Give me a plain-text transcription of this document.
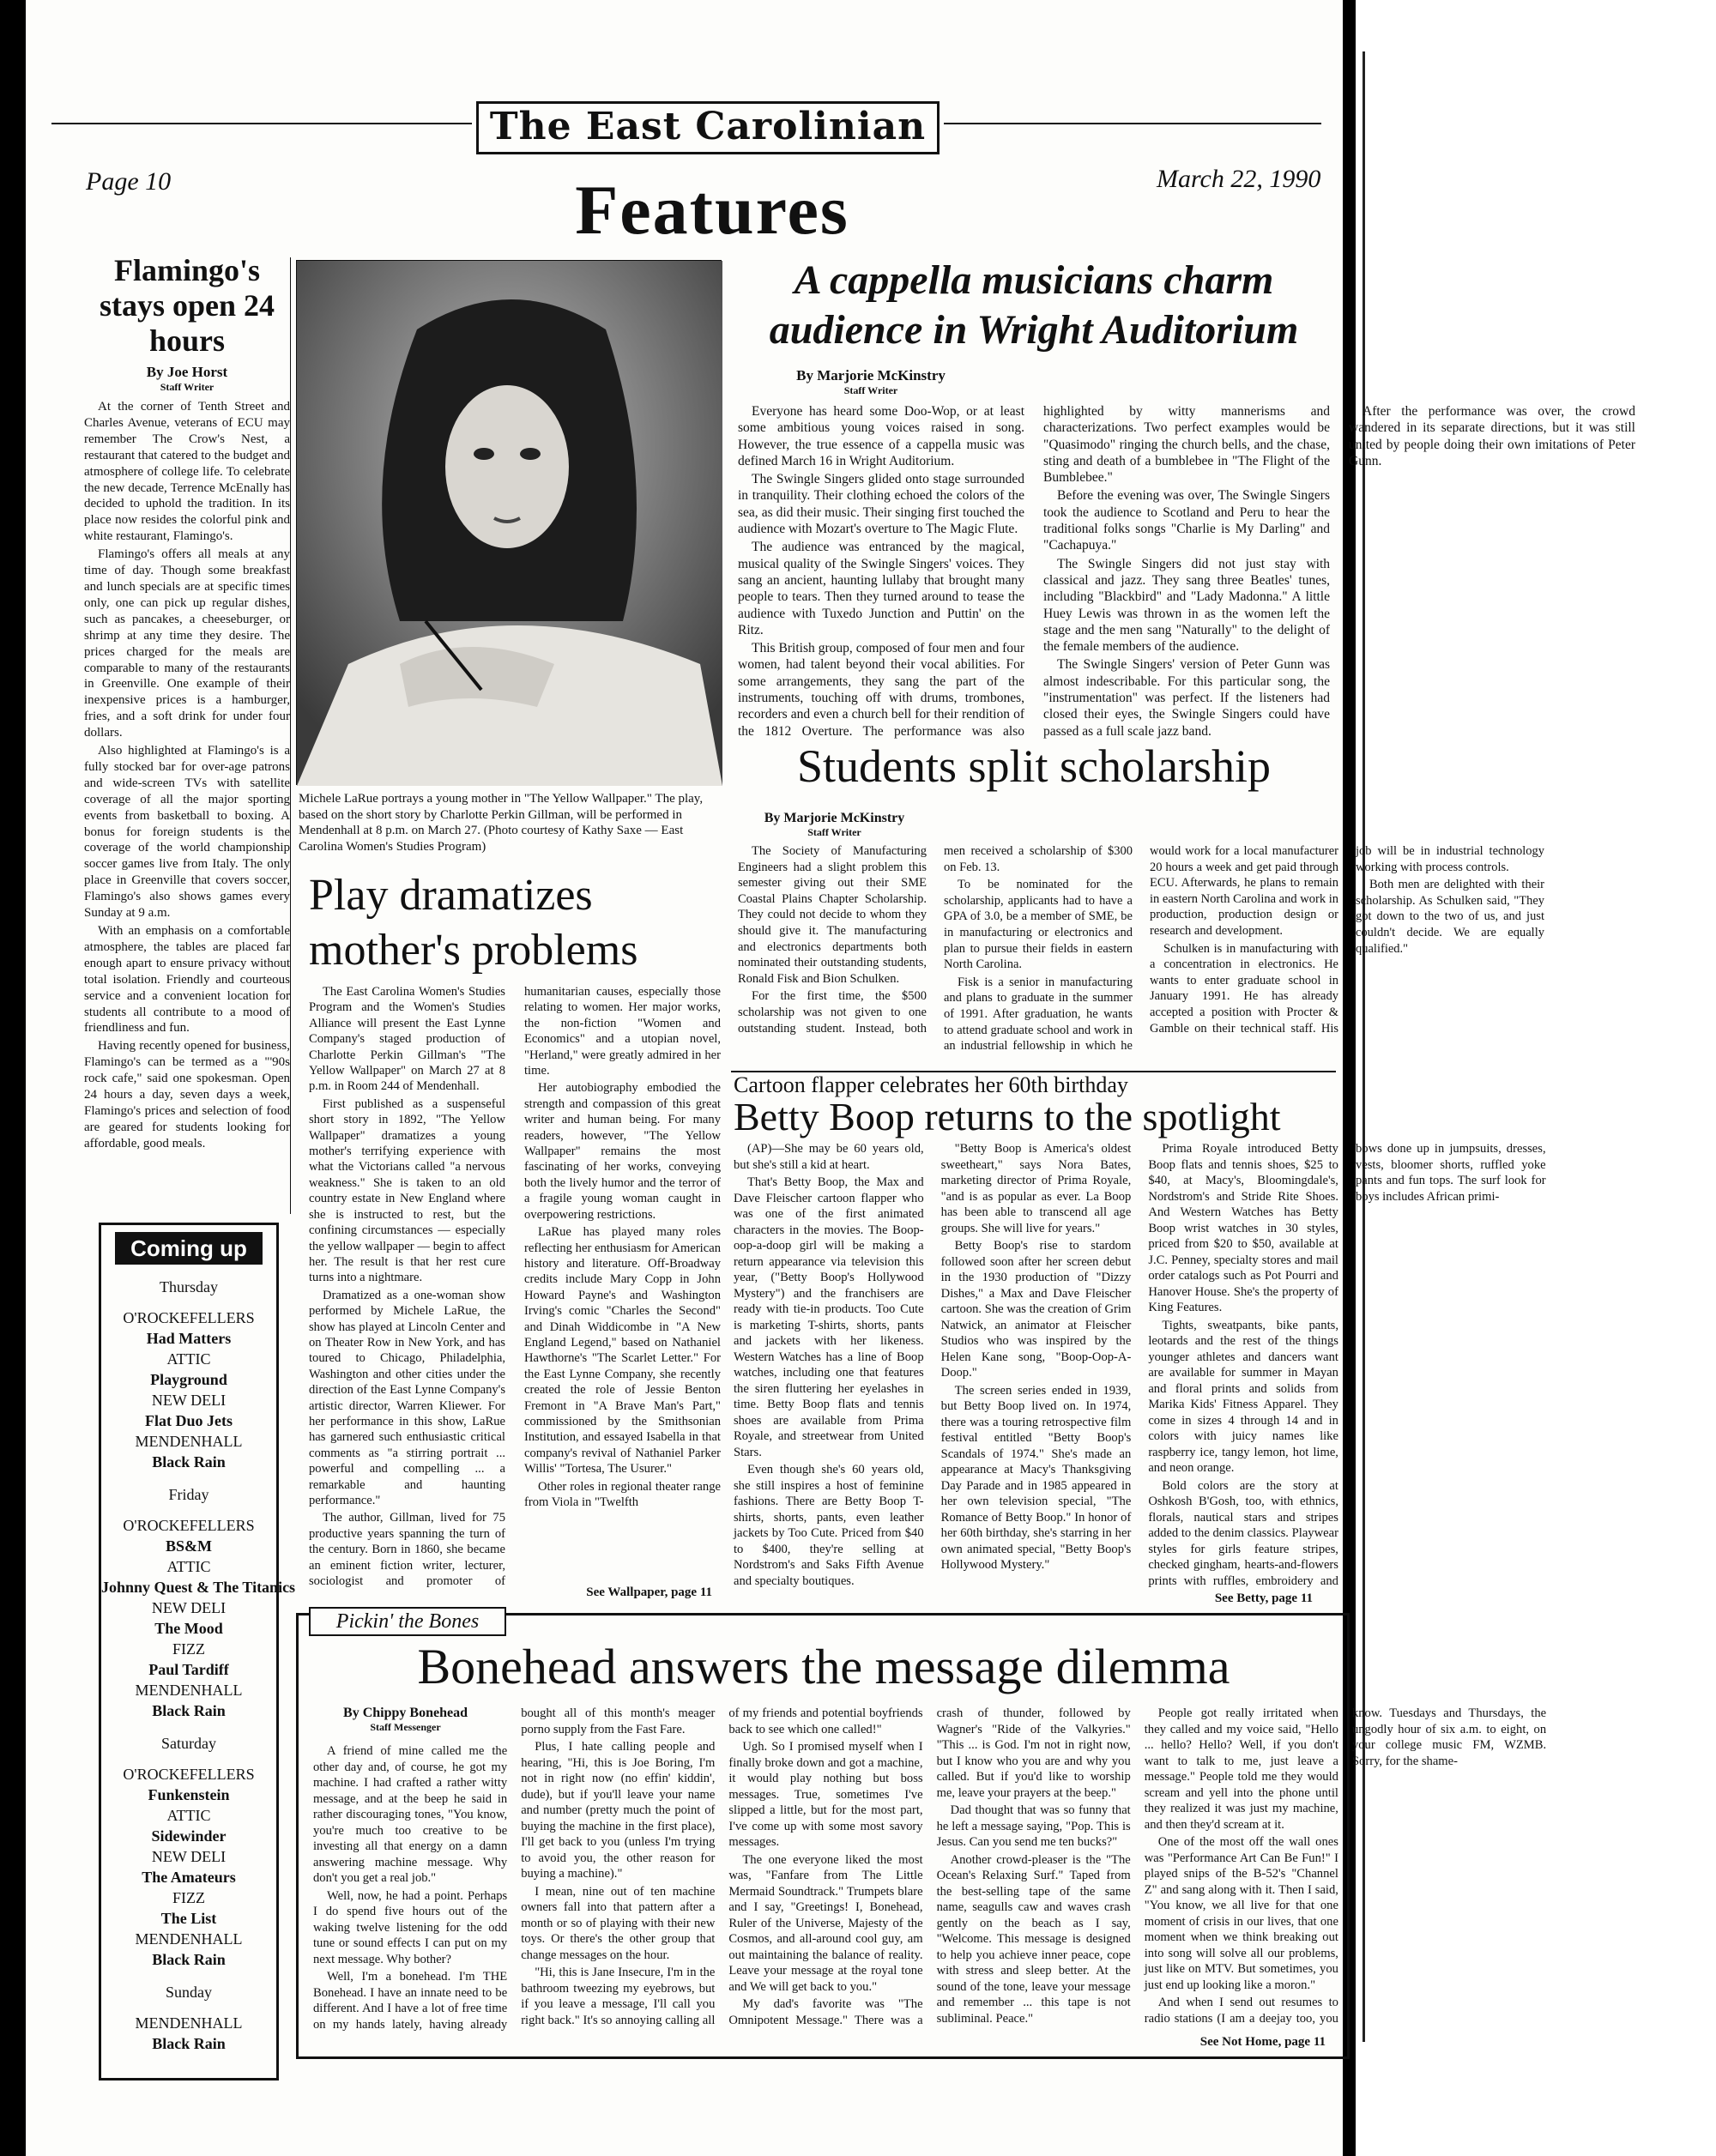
The East Carolinian
Page 10	March 22, 1990
Features
Flamingo's stays open 24 hours
By Joe Horst
Staff Writer

At the corner of Tenth Street and Charles Avenue, veterans of ECU may remember The Crow's Nest, a restaurant that catered to the budget and atmosphere of college life. To celebrate the new decade, Terrence McEnally has decided to uphold the tradition. In its place now resides the colorful pink and white restaurant, Flamingo's.

Flamingo's offers all meals at any time of day. Though some breakfast and lunch specials are at specific times only, one can pick up regular dishes, such as pancakes, a cheeseburger, or shrimp at any time they desire. The prices charged for the meals are comparable to many of the restaurants in Greenville. One example of their inexpensive prices is a hamburger, fries, and a soft drink for under four dollars.

Also highlighted at Flamingo's is a fully stocked bar for over-age patrons and wide-screen TVs with satellite coverage of all the major sporting events from basketball to boxing. A bonus for foreign students is the coverage of the world championship soccer games live from Italy. The only place in Greenville that covers soccer, Flamingo's also shows games every Sunday at 9 a.m.

With an emphasis on a comfortable atmosphere, the tables are placed far enough apart to ensure privacy without total isolation. Friendly and courteous service and a convenient location for students all contribute to a mood of friendliness and fun.

Having recently opened for business, Flamingo's can be termed as a "'90s rock cafe," said one spokesman. Open 24 hours a day, seven days a week, Flamingo's prices and selection of food are geared for students looking for affordable, good meals.

Coming up
Thursday
O'ROCKEFELLERS
Had Matters
ATTIC
Playground
NEW DELI
Flat Duo Jets
MENDENHALL
Black Rain
Friday
O'ROCKEFELLERS
BS&M
ATTIC
Johnny Quest & The Titanics
NEW DELI
The Mood
FIZZ
Paul Tardiff
MENDENHALL
Black Rain
Saturday
O'ROCKEFELLERS
Funkenstein
ATTIC
Sidewinder
NEW DELI
The Amateurs
FIZZ
The List
MENDENHALL
Black Rain
Sunday
MENDENHALL
Black Rain
Michele LaRue portrays a young mother in "The Yellow Wallpaper." The play, based on the short story by Charlotte Perkin Gillman, will be performed in Mendenhall at 8 p.m. on March 27. (Photo courtesy of Kathy Saxe — East Carolina Women's Studies Program)
A cappella musicians charm audience in Wright Auditorium
By Marjorie McKinstry
Staff Writer

Everyone has heard some Doo-Wop, or at least some ambitious young voices raised in song. However, the true essence of a cappella music was defined March 16 in Wright Auditorium.

The Swingle Singers glided onto stage surrounded in tranquility. Their clothing echoed the colors of the sea, as did their music. Their singing first touched the audience with Mozart's overture to The Magic Flute.

The audience was entranced by the magical, musical quality of the Swingle Singers' voices. They sang an ancient, haunting lullaby that brought many people to tears. Then they turned around to tease the audience with Tuxedo Junction and Puttin' on the Ritz.

This British group, composed of four men and four women, had talent beyond their vocal abilities. For some arrangements, they sang the part of the instruments, touching off with drums, trombones, recorders and even a church bell for their rendition of the 1812 Overture. The performance was also highlighted by witty mannerisms and characterizations. Two perfect examples would be "Quasimodo" ringing the church bells, and the chase, sting and death of a bumblebee in "The Flight of the Bumblebee."

Before the evening was over, The Swingle Singers took the audience to Scotland and Peru to hear the traditional folks songs "Charlie is My Darling" and "Cachapuya."

The Swingle Singers did not just stay with classical and jazz. They sang three Beatles' tunes, including "Blackbird" and "Lady Madonna." A little Huey Lewis was thrown in as the women left the stage and the men sang "Naturally" to the delight of the female members of the audience.

The Swingle Singers' version of Peter Gunn was almost indescribable. For this particular song, the "instrumentation" was perfect. If the listeners had closed their eyes, the Swingle Singers could have passed as a full scale jazz band.

After the performance was over, the crowd wandered in its separate directions, but it was still united by people doing their own imitations of Peter Gunn.

Students split scholarship
By Marjorie McKinstry
Staff Writer

The Society of Manufacturing Engineers had a slight problem this semester giving out their SME Coastal Plains Chapter Scholarship. They could not decide to whom they should give it. The manufacturing and electronics departments both nominated their outstanding students, Ronald Fisk and Bion Schulken.

For the first time, the $500 scholarship was not given to one outstanding student. Instead, both men received a scholarship of $300 on Feb. 13.

To be nominated for the scholarship, applicants had to have a GPA of 3.0, be a member of SME, be in manufacturing or electronics and plan to pursue their fields in eastern North Carolina.

Fisk is a senior in manufacturing and plans to graduate in the summer of 1991. After graduation, he wants to attend graduate school and work in an industrial fellowship in which he would work for a local manufacturer 20 hours a week and get paid through ECU. Afterwards, he plans to remain in eastern North Carolina and work in production, production design or research and development.

Schulken is in manufacturing with a concentration in electronics. He wants to enter graduate school in January 1991. He has already accepted a position with Procter & Gamble on their technical staff. His job will be in industrial technology working with process controls.

Both men are delighted with their scholarship. As Schulken said, "They got down to the two of us, and just couldn't decide. We are equally qualified."

Play dramatizes mother's problems

The East Carolina Women's Studies Program and the Women's Studies Alliance will present the East Lynne Company's staged production of Charlotte Perkin Gillman's "The Yellow Wallpaper" on March 27 at 8 p.m. in Room 244 of Mendenhall.

First published as a suspenseful short story in 1892, "The Yellow Wallpaper" dramatizes a young mother's terrifying experience with what the Victorians called "a nervous weakness." She is taken to an old country estate in New England where she is instructed to rest, but the confining circumstances — especially the yellow wallpaper — begin to affect her. The result is that her rest cure turns into a nightmare.

Dramatized as a one-woman show performed by Michele LaRue, the show has played at Lincoln Center and on Theater Row in New York, and has toured to Chicago, Philadelphia, Washington and other cities under the direction of the East Lynne Company's artistic director, Warren Kliewer. For her performance in this show, LaRue has garnered such enthusiastic critical comments as "a stirring portrait ... powerful and compelling ... a remarkable and haunting performance."

The author, Gillman, lived for 75 productive years spanning the turn of the century. Born in 1860, she became an eminent fiction writer, lecturer, sociologist and promoter of humanitarian causes, especially those relating to women. Her major works, the non-fiction "Women and Economics" and a utopian novel, "Herland," were greatly admired in her time.

Her autobiography embodied the strength and compassion of this great writer and human being. For many readers, however, "The Yellow Wallpaper" remains the most fascinating of her works, conveying both the lively humor and the terror of a fragile young woman caught in overpowering restrictions.

LaRue has played many roles reflecting her enthusiasm for American history and literature. Off-Broadway credits include Mary Copp in John Howard Payne's and Washington Irving's comic "Charles the Second" and Dinah Widdicombe in "A New England Legend," based on Nathaniel Hawthorne's "The Scarlet Letter." For the East Lynne Company, she recently created the role of Jessie Benton Fremont in "A Brave Man's Part," commissioned by the Smithsonian Institution, and essayed Isabella in that company's revival of Nathaniel Parker Willis' "Tortesa, The Usurer."

Other roles in regional theater range from Viola in "Twelfth

See Wallpaper, page 11
Cartoon flapper celebrates her 60th birthday
Betty Boop returns to the spotlight

(AP)—She may be 60 years old, but she's still a kid at heart.

That's Betty Boop, the Max and Dave Fleischer cartoon flapper who was one of the first animated characters in the movies. The Boop-oop-a-doop girl will be making a return appearance via television this year, ("Betty Boop's Hollywood Mystery") and the franchisers are ready with tie-in products. Too Cute is marketing T-shirts, shorts, pants and jackets with her likeness. Western Watches has a line of Boop watches, including one that features the siren fluttering her eyelashes in time. Betty Boop flats and tennis shoes are available from Prima Royale, and streetwear from United Stars.

Even though she's 60 years old, she still inspires a host of feminine fashions. There are Betty Boop T-shirts, shorts, pants, even leather jackets by Too Cute. Priced from $40 to $400, they're selling at Nordstrom's and Saks Fifth Avenue and specialty boutiques.

"Betty Boop is America's oldest sweetheart," says Nora Bates, marketing director of Prima Royale, "and is as popular as ever. La Boop has been able to transcend all age groups. She will live for years."

Betty Boop's rise to stardom followed soon after her screen debut in the 1930 production of "Dizzy Dishes," a Max and Dave Fleischer cartoon. She was the creation of Grim Natwick, an animator at Fleischer Studios who was inspired by the Helen Kane song, "Boop-Oop-A-Doop."

The screen series ended in 1939, but Betty Boop lived on. In 1974, there was a touring retrospective film festival entitled "Betty Boop's Scandals of 1974." She's made an appearance at Macy's Thanksgiving Day Parade and in 1985 appeared in her own television special, "The Romance of Betty Boop." In honor of her 60th birthday, she's starring in her own animated special, "Betty Boop's Hollywood Mystery."

Prima Royale introduced Betty Boop flats and tennis shoes, $25 to $40, at Macy's, Bloomingdale's, Nordstrom's and Stride Rite Shoes. And Western Watches has Betty Boop wrist watches in 30 styles, priced from $20 to $50, available at J.C. Penney, specialty stores and mail order catalogs such as Pot Pourri and Hanover House. She's the property of King Features.

Tights, sweatpants, bike pants, leotards and the rest of the things younger athletes and dancers want are available for summer in Mayan and floral prints and solids from Marika Kids' Fitness Apparel. They come in sizes 4 through 14 and in colors with juicy names like raspberry ice, tangy lemon, hot lime, and neon orange.

Bold colors are the story at Oshkosh B'Gosh, too, with ethnics, florals, nautical stars and stripes added to the denim classics. Playwear styles for girls feature stripes, checked gingham, hearts-and-flowers prints with ruffles, embroidery and bows done up in jumpsuits, dresses, vests, bloomer shorts, ruffled yoke pants and fun tops. The surf look for boys includes African primi-

See Betty, page 11
Pickin' the Bones
Bonehead answers the message dilemma
By Chippy Bonehead
Staff Messenger

A friend of mine called me the other day and, of course, he got my machine. I had crafted a rather witty message, and at the beep he said in rather discouraging tones, "You know, you're much too creative to be investing all that energy on a damn answering machine message. Why don't you get a real job."

Well, now, he had a point. Perhaps I do spend five hours out of the waking twelve listening for the odd tune or sound effects I can put on my next message. Why bother?

Well, I'm a bonehead. I'm THE Bonehead. I have an innate need to be different. And I have a lot of free time on my hands lately, having already bought all of this month's meager porno supply from the Fast Fare.

Plus, I hate calling people and hearing, "Hi, this is Joe Boring, I'm not in right now (no effin' kiddin', dude), but if you'll leave your name and number (pretty much the point of buying the machine in the first place), I'll get back to you (unless I'm trying to avoid you, the other reason for buying a machine)."

I mean, nine out of ten machine owners fall into that pattern after a month or so of playing with their new toys. Or there's the other group that change messages on the hour.

"Hi, this is Jane Insecure, I'm in the bathroom tweezing my eyebrows, but if you leave a message, I'll call you right back." It's so annoying calling all of my friends and potential boyfriends back to see which one called!"

Ugh. So I promised myself when I finally broke down and got a machine, it would play nothing but boss messages. True, sometimes I've slipped a little, but for the most part, I've come up with some most savory messages.

The one everyone liked the most was, "Fanfare from The Little Mermaid Soundtrack." Trumpets blare and I say, "Greetings! I, Bonehead, Ruler of the Universe, Majesty of the Cosmos, and all-around cool guy, am out maintaining the balance of reality. Leave your message at the royal tone and We will get back to you."

My dad's favorite was "The Omnipotent Message." There was a crash of thunder, followed by Wagner's "Ride of the Valkyries." "This ... is God. I'm not in right now, but I know who you are and why you called. But if you'd like to worship me, leave your prayers at the beep."

Dad thought that was so funny that he left a message saying, "Pop. This is Jesus. Can you send me ten bucks?"

Another crowd-pleaser is the "The Ocean's Relaxing Surf." Taped from the best-selling tape of the same name, seagulls caw and waves crash gently on the beach as I say, "Welcome. This message is designed to help you achieve inner peace, cope with stress and sleep better. At the sound of the tone, leave your message and remember ... this tape is not subliminal. Peace."

People got really irritated when they called and my voice said, "Hello ... hello? Hello? Well, if you don't want to talk to me, just leave a message." People told me they would scream and yell into the phone until they realized it was just my machine, and then they'd scream at it.

One of the most off the wall ones was "Performance Art Can Be Fun!" I played snips of the B-52's "Channel Z" and sang along with it. Then I said, "You know, we all live for that one moment of crisis in our lives, that one moment when we think breaking out into song will solve all our problems, just like on MTV. But sometimes, you just end up looking like a moron."

And when I send out resumes to radio stations (I am a deejay too, you know. Tuesdays and Thursdays, the ungodly hour of six a.m. to eight, on your college music FM, WZMB. Sorry, for the shame-

See Not Home, page 11
